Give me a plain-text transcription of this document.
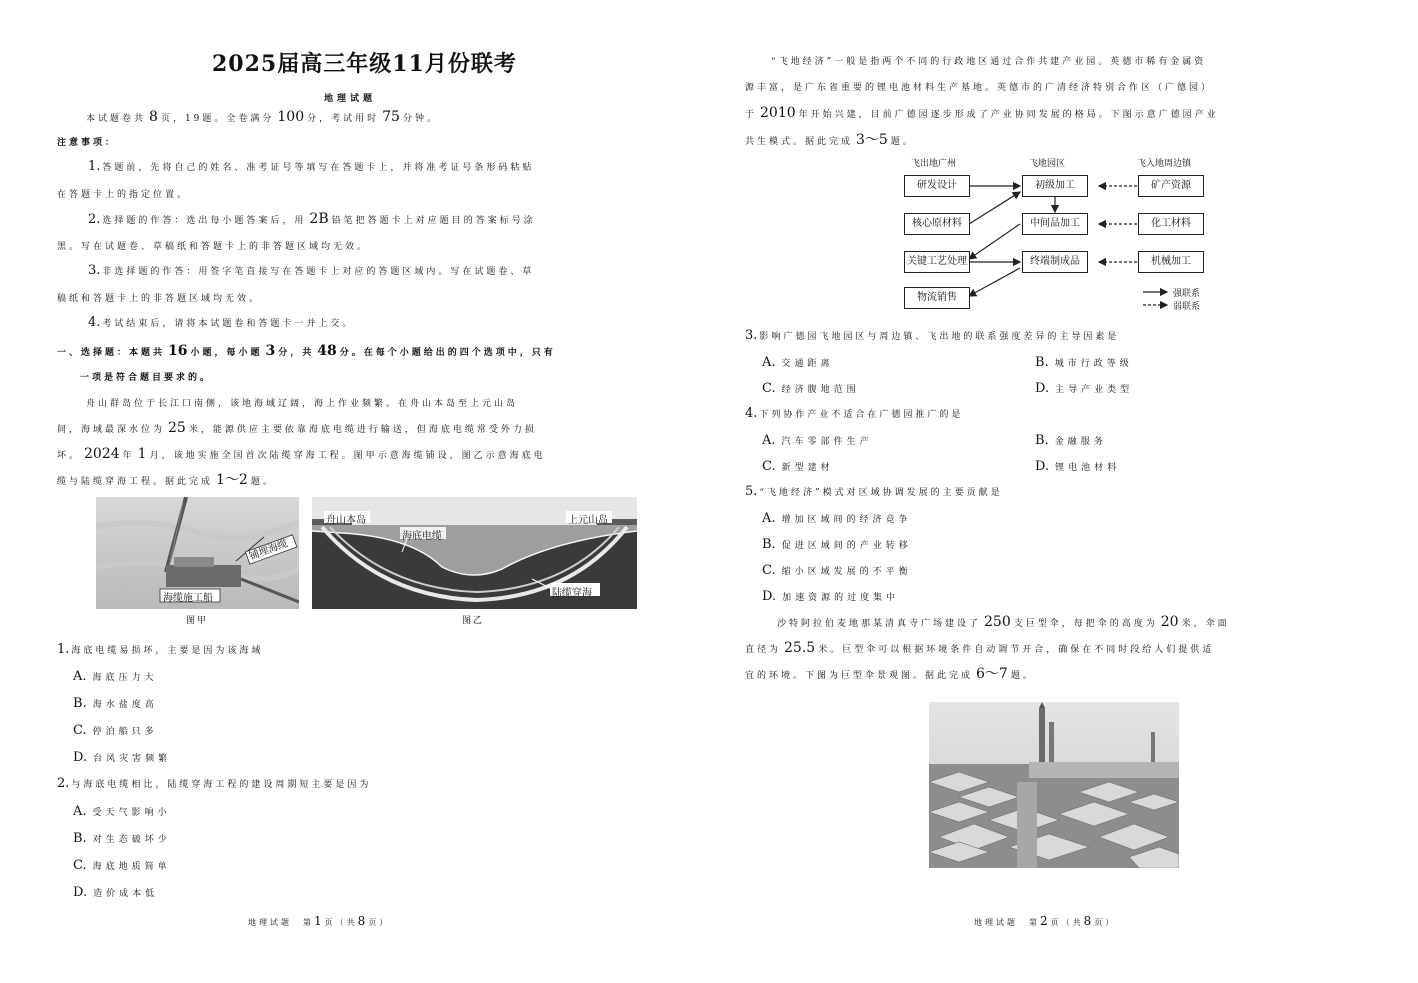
2025届高三年级11月份联考
地理试题
本试题卷共 8 页，19题。全卷满分 100 分，考试用时 75 分钟。
注意事项：
1. 答题前，先将自己的姓名、准考证号等填写在答题卡上，并将准考证号条形码粘贴
在答题卡上的指定位置。
2. 选择题的作答：选出每小题答案后，用 2B 铅笔把答题卡上对应题目的答案标号涂
黑。写在试题卷、草稿纸和答题卡上的非答题区域均无效。
3. 非选择题的作答：用签字笔直接写在答题卡上对应的答题区域内。写在试题卷、草
稿纸和答题卡上的非答题区域均无效。
4. 考试结束后，请将本试题卷和答题卡一并上交。
一、选择题：本题共 16 小题，每小题 3 分，共 48 分。在每个小题给出的四个选项中，只有
一项是符合题目要求的。
舟山群岛位于长江口南侧，该地海域辽阔，海上作业频繁。在舟山本岛至上元山岛
间，海域最深水位为 25 米，能源供应主要依靠海底电缆进行输送，但海底电缆常受外力损
坏。 2024 年 1 月，该地实施全国首次陆缆穿海工程。图甲示意海缆铺设，图乙示意海底电
缆与陆缆穿海工程。据此完成 1～2 题。
铺埋海缆
海缆施工船
图甲
舟山本岛	上元山岛
海底电缆
陆缆穿海
图乙
1. 海底电缆易损坏，主要是因为该海域
A. 海底压力大
B. 海水盐度高
C. 停泊船只多
D. 台风灾害频繁
2. 与海底电缆相比，陆缆穿海工程的建设周期短主要是因为
A. 受天气影响小
B. 对生态破坏少
C. 海底地质简单
D. 造价成本低
地理试题　第1页（共8页）
“飞地经济”一般是指两个不同的行政地区通过合作共建产业园。英德市稀有金属资
源丰富，是广东省重要的锂电池材料生产基地。英德市的广清经济特别合作区（广德园）
于 2010 年开始兴建，目前广德园逐步形成了产业协同发展的格局。下图示意广德园产业
共生模式。据此完成 3～5 题。
飞出地广州	飞地园区	飞入地周边镇
研发设计
核心原材料
关键工艺处理
物流销售
初级加工
中间品加工
终端制成品
矿产资源
化工材料
机械加工
强联系
弱联系
3. 影响广德园飞地园区与周边镇、飞出地的联系强度差异的主导因素是
A. 交通距离	B. 城市行政等级
C. 经济腹地范围	D. 主导产业类型
4. 下列协作产业不适合在广德园推广的是
A. 汽车零部件生产	B. 金融服务
C. 新型建材	D. 锂电池材料
5. “飞地经济”模式对区域协调发展的主要贡献是
A. 增加区域间的经济竞争
B. 促进区域间的产业转移
C. 缩小区域发展的不平衡
D. 加速资源的过度集中
沙特阿拉伯麦地那某清真寺广场建设了 250 支巨型伞，每把伞的高度为 20 米，伞面
直径为 25.5 米。巨型伞可以根据环境条件自动调节开合，确保在不同时段给人们提供适
宜的环境。下图为巨型伞景观图。据此完成 6～7 题。
地理试题　第2页（共8页）
